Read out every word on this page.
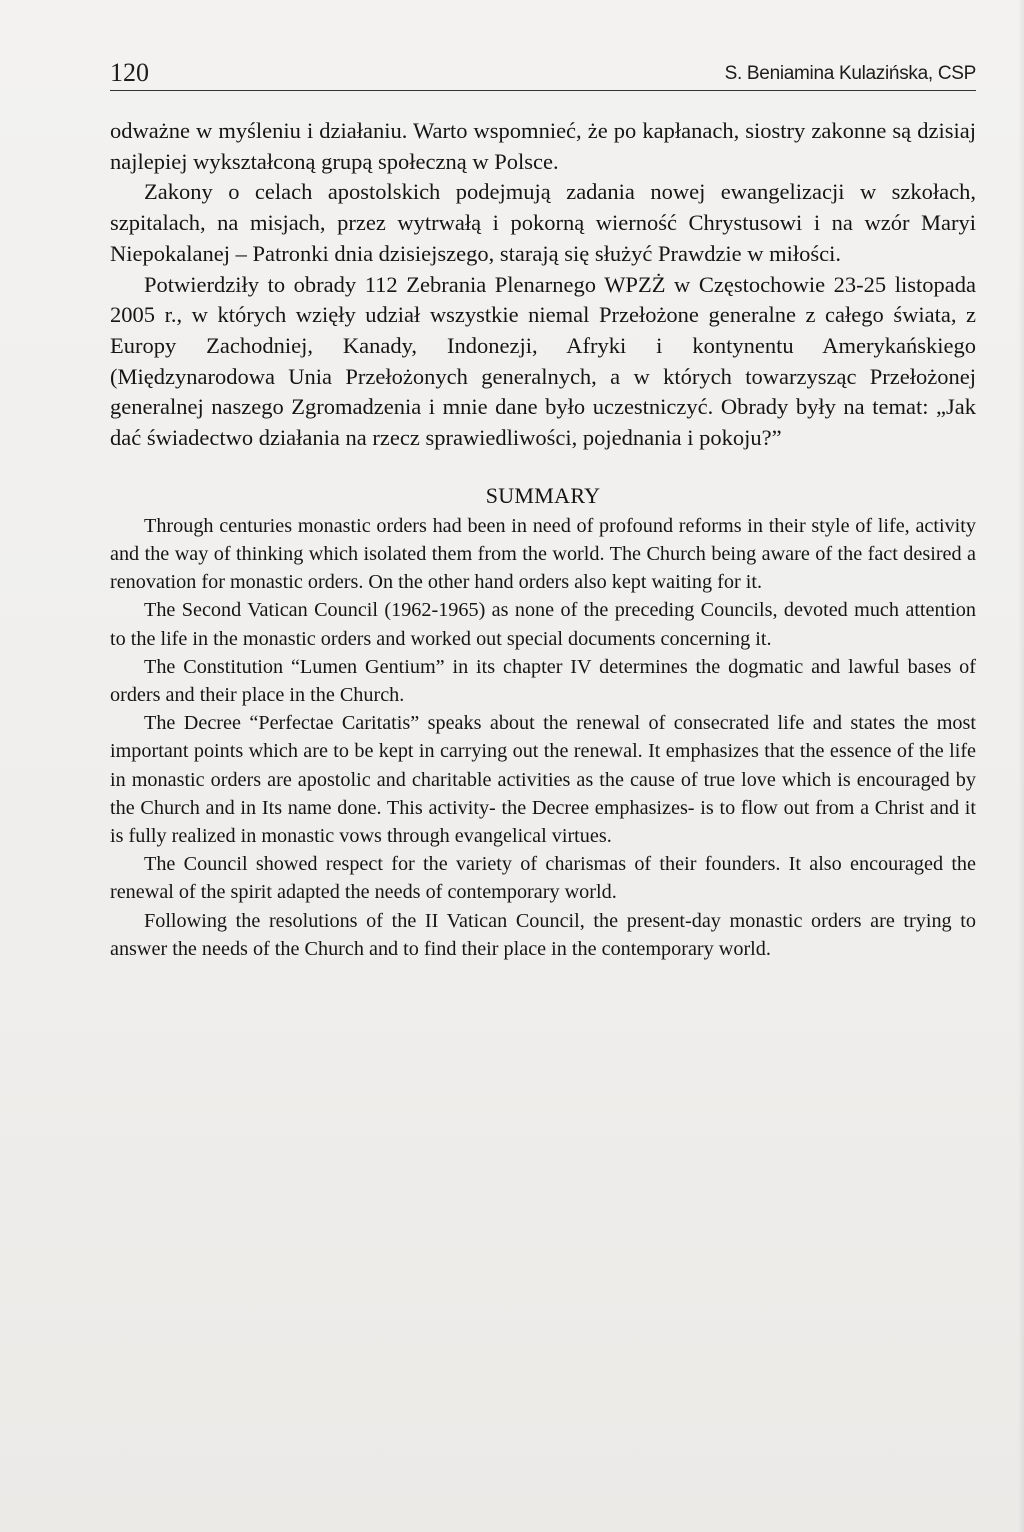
120	S. Beniamina Kulazińska, CSP

odważne w myśleniu i działaniu. Warto wspomnieć, że po kapłanach, siostry zakonne są dzisiaj najlepiej wykształconą grupą społeczną w Polsce.

Zakony o celach apostolskich podejmują zadania nowej ewangelizacji w szkołach, szpitalach, na misjach, przez wytrwałą i pokorną wierność Chrystusowi i na wzór Maryi Niepokalanej – Patronki dnia dzisiejszego, starają się służyć Prawdzie w miłości.

Potwierdziły to obrady 112 Zebrania Plenarnego WPZŻ w Częstochowie 23-25 listopada 2005 r., w których wzięły udział wszystkie niemal Przełożone generalne z całego świata, z Europy Zachodniej, Kanady, Indonezji, Afryki i kontynentu Amerykańskiego (Międzynarodowa Unia Przełożonych generalnych, a w których towarzysząc Przełożonej generalnej naszego Zgromadzenia i mnie dane było uczestniczyć. Obrady były na temat: „Jak dać świadectwo działania na rzecz sprawiedliwości, pojednania i pokoju?”

SUMMARY

Through centuries monastic orders had been in need of profound reforms in their style of life, activity and the way of thinking which isolated them from the world. The Church being aware of the fact desired a renovation for monastic orders. On the other hand orders also kept waiting for it.

The Second Vatican Council (1962-1965) as none of the preceding Councils, devoted much attention to the life in the monastic orders and worked out special documents concerning it.

The Constitution “Lumen Gentium” in its chapter IV determines the dogmatic and lawful bases of orders and their place in the Church.

The Decree “Perfectae Caritatis” speaks about the renewal of consecrated life and states the most important points which are to be kept in carrying out the renewal. It emphasizes that the essence of the life in monastic orders are apostolic and charitable activities as the cause of true love which is encouraged by the Church and in Its name done. This activity- the Decree emphasizes- is to flow out from a Christ and it is fully realized in monastic vows through evangelical virtues.

The Council showed respect for the variety of charismas of their founders. It also encouraged the renewal of the spirit adapted the needs of contemporary world.

Following the resolutions of the II Vatican Council, the present-day monastic orders are trying to answer the needs of the Church and to find their place in the contemporary world.
